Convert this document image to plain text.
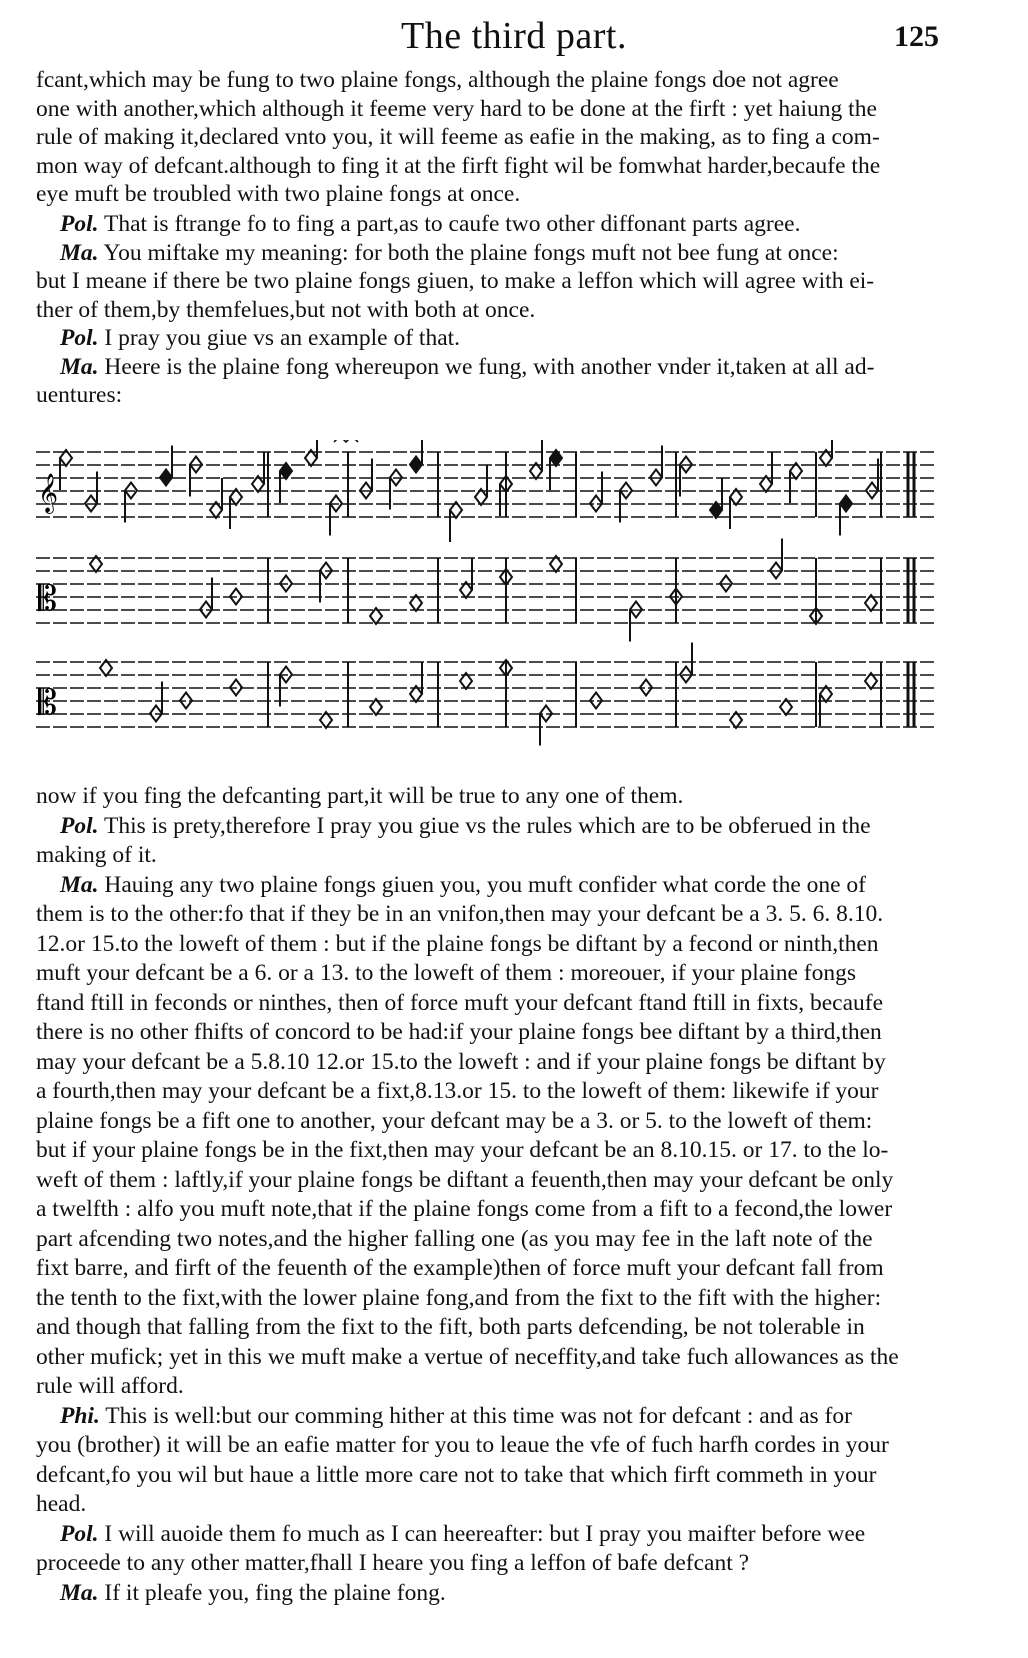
The third part.	125
fcant,which may be fung to two plaine fongs, although the plaine fongs doe not agree
one with another,which although it feeme very hard to be done at the firft : yet haiung the
rule of making it,declared vnto you, it will feeme as eafie in the making, as to fing a com-
mon way of defcant.although to fing it at the firft fight wil be fomwhat harder,becaufe the
eye muft be troubled with two plaine fongs at once.
Pol. That is ftrange fo to fing a part,as to caufe two other diffonant parts agree.
Ma. You miftake my meaning: for both the plaine fongs muft not bee fung at once:
but I meane if there be two plaine fongs giuen, to make a leffon which will agree with ei-
ther of them,by themfelues,but not with both at once.
Pol. I pray you giue vs an example of that.
Ma. Heere is the plaine fong whereupon we fung, with another vnder it,taken at all ad-
uentures:
𝄞
𝄡
𝄡
now if you fing the defcanting part,it will be true to any one of them.
Pol. This is prety,therefore I pray you giue vs the rules which are to be obferued in the
making of it.
Ma. Hauing any two plaine fongs giuen you, you muft confider what corde the one of
them is to the other:fo that if they be in an vnifon,then may your defcant be a 3. 5. 6. 8.10.
12.or 15.to the loweft of them : but if the plaine fongs be diftant by a fecond or ninth,then
muft your defcant be a 6. or a 13. to the loweft of them : moreouer, if your plaine fongs
ftand ftill in feconds or ninthes, then of force muft your defcant ftand ftill in fixts, becaufe
there is no other fhifts of concord to be had:if your plaine fongs bee diftant by a third,then
may your defcant be a 5.8.10 12.or 15.to the loweft : and if your plaine fongs be diftant by
a fourth,then may your defcant be a fixt,8.13.or 15. to the loweft of them: likewife if your
plaine fongs be a fift one to another, your defcant may be a 3. or 5. to the loweft of them:
but if your plaine fongs be in the fixt,then may your defcant be an 8.10.15. or 17. to the lo-
weft of them : laftly,if your plaine fongs be diftant a feuenth,then may your defcant be only
a twelfth : alfo you muft note,that if the plaine fongs come from a fift to a fecond,the lower
part afcending two notes,and the higher falling one (as you may fee in the laft note of the
fixt barre, and firft of the feuenth of the example)then of force muft your defcant fall from
the tenth to the fixt,with the lower plaine fong,and from the fixt to the fift with the higher:
and though that falling from the fixt to the fift, both parts defcending, be not tolerable in
other mufick; yet in this we muft make a vertue of neceffity,and take fuch allowances as the
rule will afford.
Phi. This is well:but our comming hither at this time was not for defcant : and as for
you (brother) it will be an eafie matter for you to leaue the vfe of fuch harfh cordes in your
defcant,fo you wil but haue a little more care not to take that which firft commeth in your
head.
Pol. I will auoide them fo much as I can heereafter: but I pray you maifter before wee
proceede to any other matter,fhall I heare you fing a leffon of bafe defcant ?
Ma. If it pleafe you, fing the plaine fong.
